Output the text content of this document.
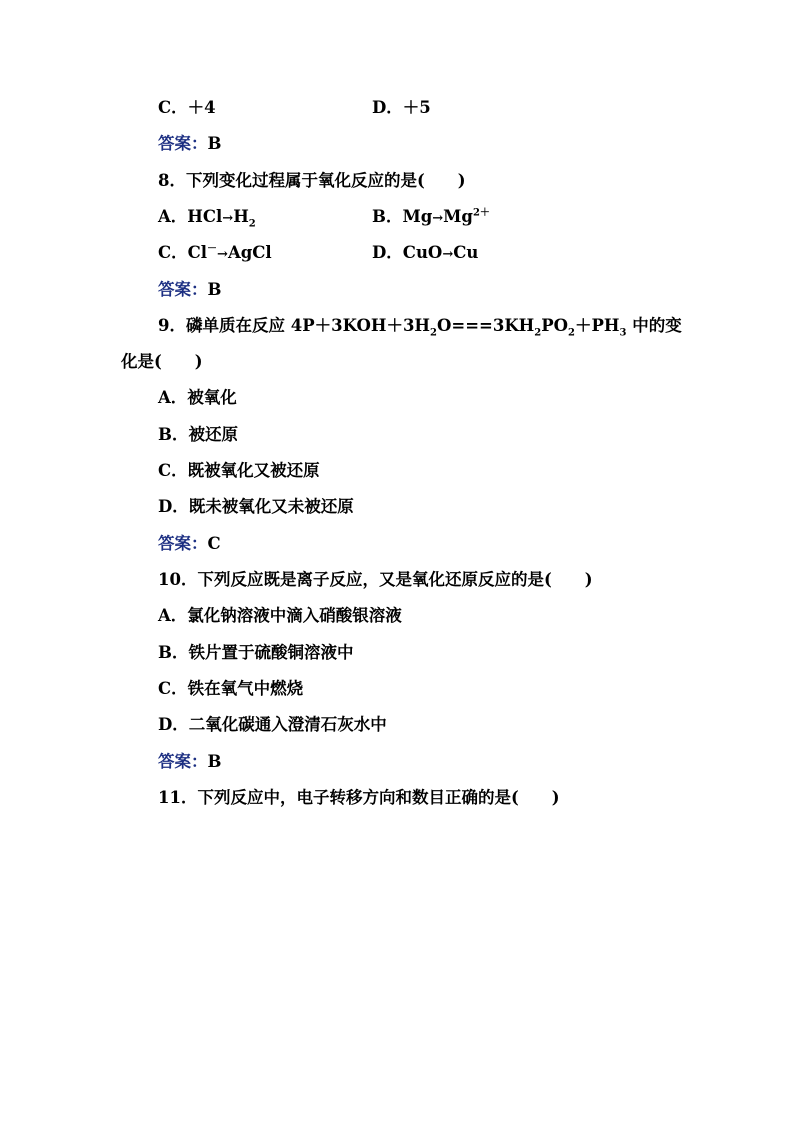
C．＋4	D．＋5
答案：B
8．下列变化过程属于氧化反应的是(　　)
A．$HCl\to H_2$	B．$Mg\to Mg^{2+}$
C．Cl－→AgCl	D．CuO→Cu
答案：B
9．磷单质在反应 $4P+3KOH+3H_2O===3KH_2PO_2+PH_3$ 中的变
化是(　　)
A．被氧化
B．被还原
C．既被氧化又被还原
D．既未被氧化又未被还原
答案：C
10．下列反应既是离子反应，又是氧化还原反应的是(　　)
A．氯化钠溶液中滴入硝酸银溶液
B．铁片置于硫酸铜溶液中
C．铁在氧气中燃烧
D．二氧化碳通入澄清石灰水中
答案：B
11．下列反应中，电子转移方向和数目正确的是(　　)
